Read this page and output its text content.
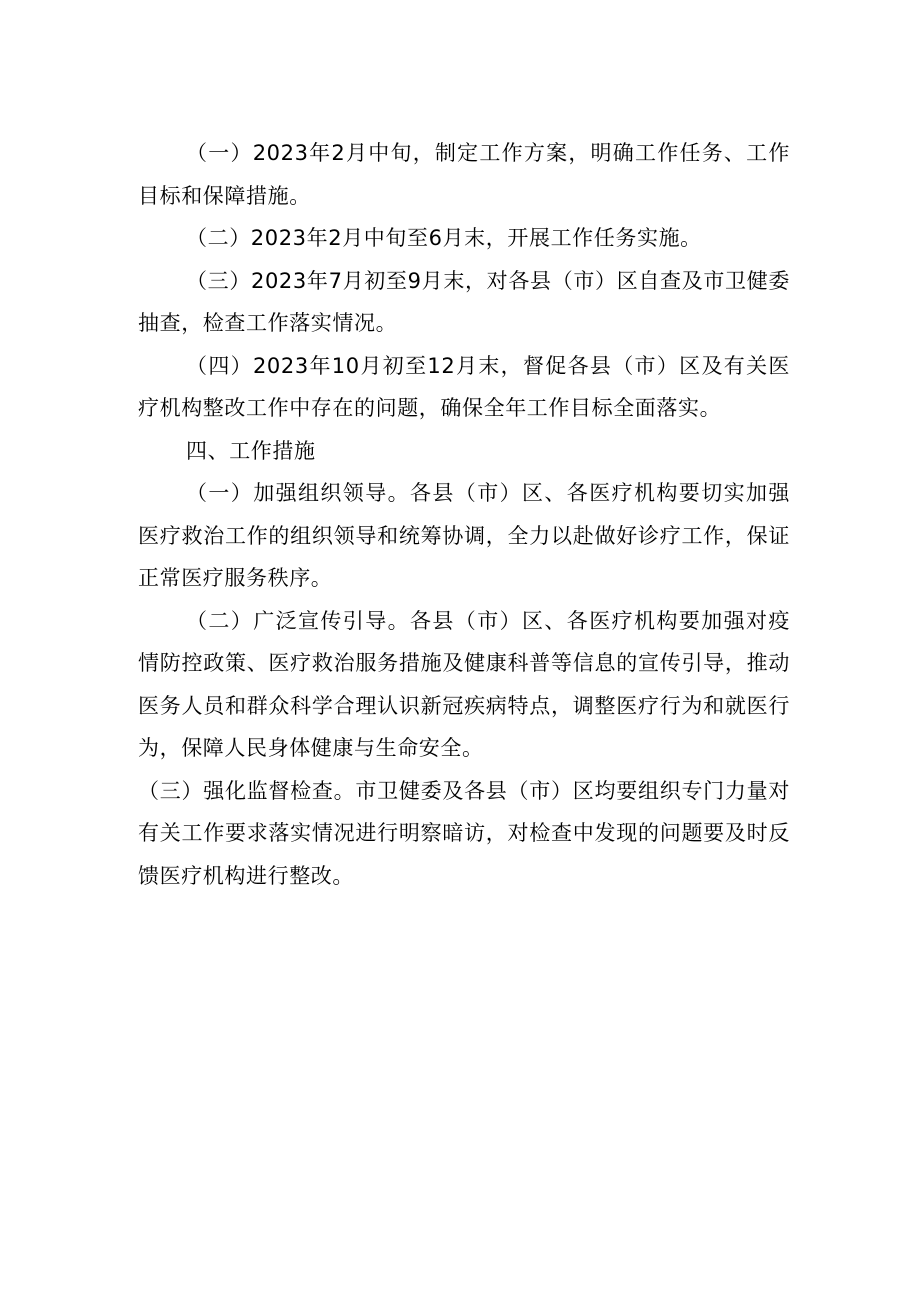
（一）2023年2月中旬，制定工作方案，明确工作任务、工作目标和保障措施。

（二）2023年2月中旬至6月末，开展工作任务实施。

（三）2023年7月初至9月末，对各县（市）区自查及市卫健委抽查，检查工作落实情况。

（四）2023年10月初至12月末，督促各县（市）区及有关医疗机构整改工作中存在的问题，确保全年工作目标全面落实。

四、工作措施

（一）加强组织领导。各县（市）区、各医疗机构要切实加强医疗救治工作的组织领导和统筹协调，全力以赴做好诊疗工作，保证正常医疗服务秩序。

（二）广泛宣传引导。各县（市）区、各医疗机构要加强对疫情防控政策、医疗救治服务措施及健康科普等信息的宣传引导，推动医务人员和群众科学合理认识新冠疾病特点，调整医疗行为和就医行为，保障人民身体健康与生命安全。

（三）强化监督检查。市卫健委及各县（市）区均要组织专门力量对有关工作要求落实情况进行明察暗访，对检查中发现的问题要及时反馈医疗机构进行整改。
